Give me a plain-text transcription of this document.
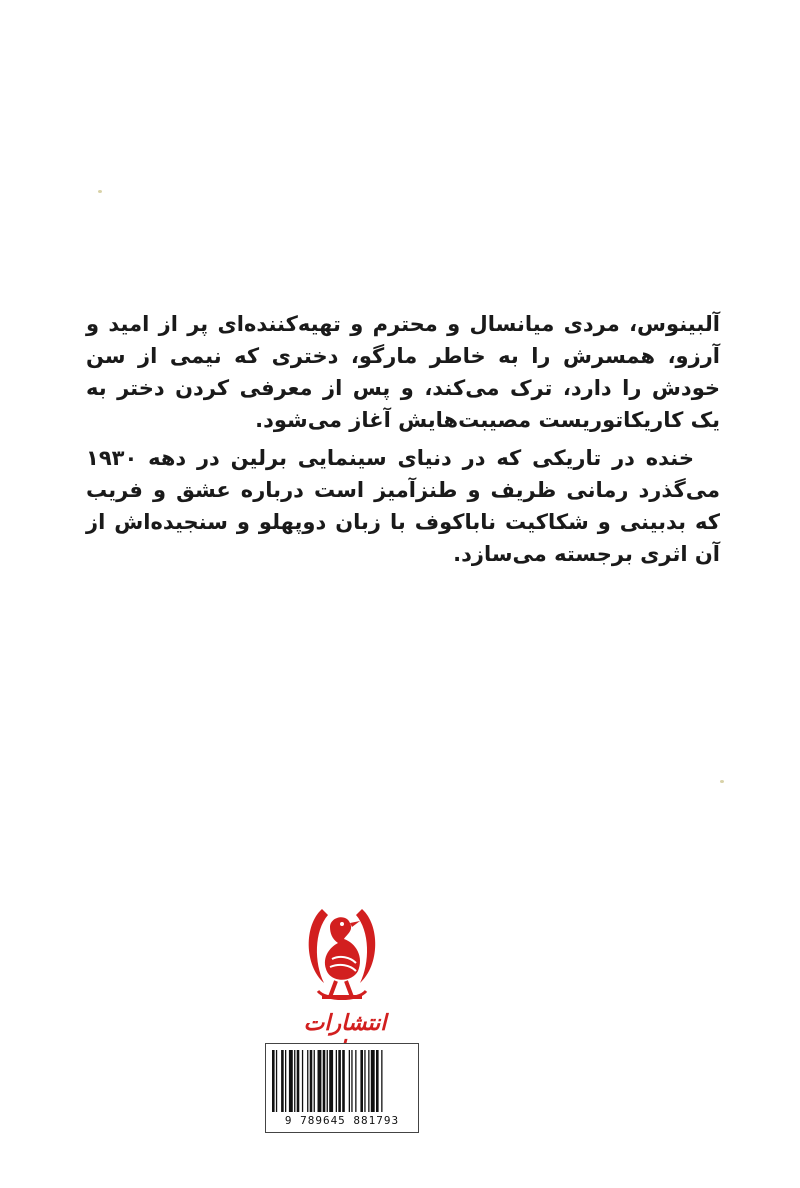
آلبینوس، مردی میانسال و محترم و تهیه‌کننده‌ای پر از امید و آرزو، همسرش را به خاطر مارگو، دختری که نیمی از سن خودش را دارد، ترک می‌کند، و پس از معرفی کردن دختر به یک کاریکاتوریست مصیبت‌هایش آغاز می‌شود.

خنده در تاریکی که در دنیای سینمایی برلین در دهه ۱۹۳۰ می‌گذرد رمانی ظریف و طنزآمیز است درباره عشق و فریب که بدبینی و شکاکیت ناباکوف با زبان دوپهلو و سنجیده‌اش از آن اثری برجسته می‌سازد.

انتشارات
9 789645 881793
